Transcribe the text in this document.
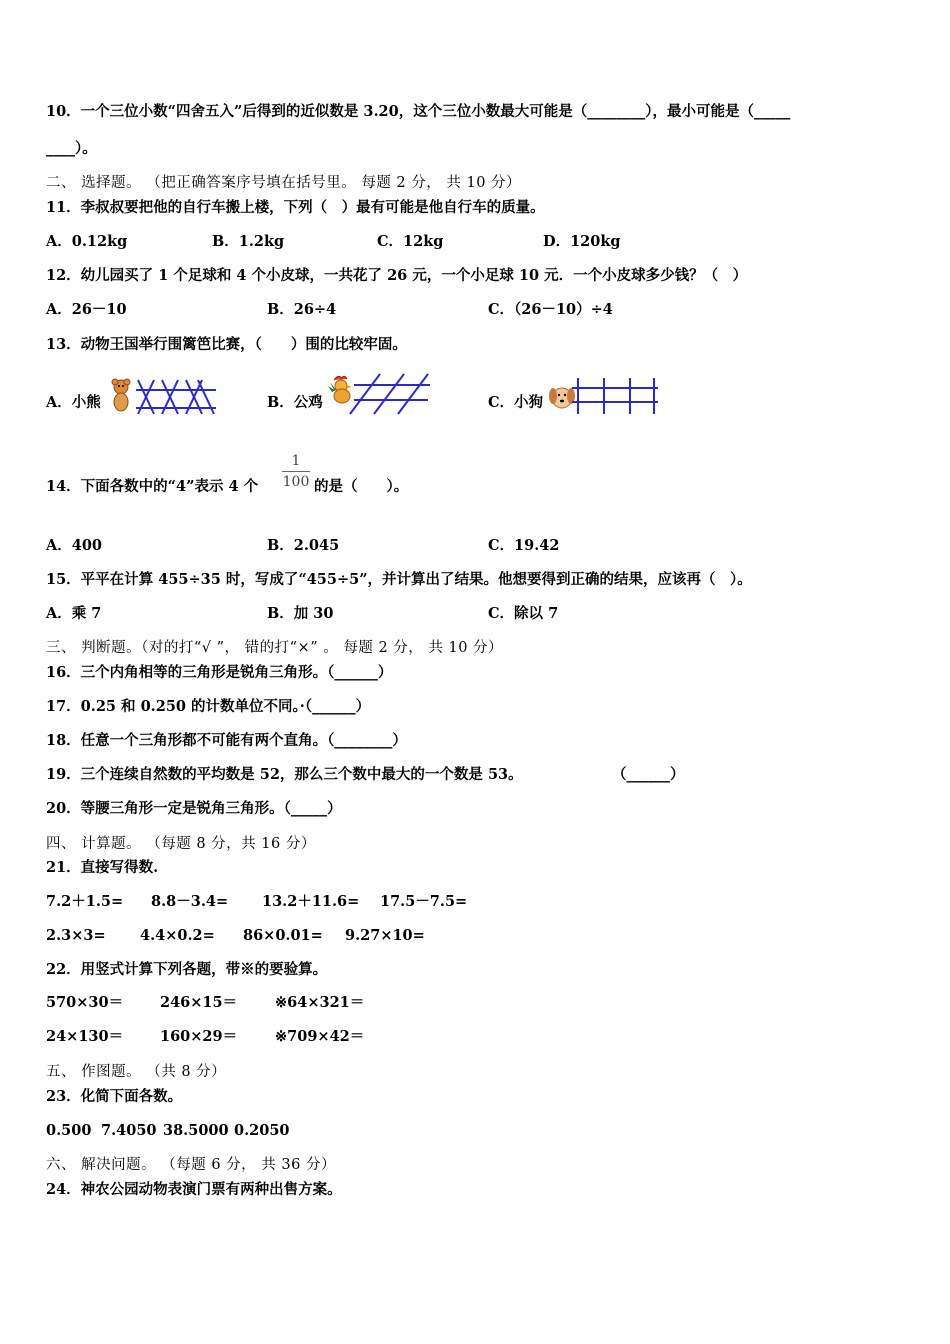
10．一个三位小数“四舍五入”后得到的近似数是 3.20，这个三位小数最大可能是（________），最小可能是（_____
____）。
二、 选择题。 （把正确答案序号填在括号里。 每题 2 分， 共 10 分）
11．李叔叔要把他的自行车搬上楼，下列（　）最有可能是他自行车的质量。
A．0.12kg	B．1.2kg	C．12kg	D．120kg
12．幼儿园买了 1 个足球和 4 个小皮球，一共花了 26 元，一个小足球 10 元．一个小皮球多少钱？（　）
A．26－10	B．26÷4	C．（26－10）÷4
13．动物王国举行围篱笆比赛，（　　）围的比较牢固。
A．小熊	B．公鸡	C．小狗
14．下面各数中的“4”表示 4 个
1
100 的是（　　）。
A．400	B．2.045	C．19.42
15．平平在计算 455÷35 时，写成了“455÷5”，并计算出了结果。他想要得到正确的结果，应该再（　）。
A．乘 7	B．加 30	C．除以 7
三、 判断题。（对的打“√ ”， 错的打“×” 。 每题 2 分， 共 10 分）
16．三个内角相等的三角形是锐角三角形。（______）
17．0.25 和 0.250 的计数单位不同。·（______）
18．任意一个三角形都不可能有两个直角。（________）
19．三个连续自然数的平均数是 52，那么三个数中最大的一个数是 53。	（______）
20．等腰三角形一定是锐角三角形。（_____）
四、 计算题。 （每题 8 分，共 16 分）
21．直接写得数.
7.2＋1.5= 8.8－3.4= 13.2＋11.6= 17.5－7.5=
2.3×3= 4.4×0.2= 86×0.01= 9.27×10=
22．用竖式计算下列各题，带※的要验算。
570×30＝	246×15＝	※64×321＝
24×130＝	160×29＝	※709×42＝
五、 作图题。 （共 8 分）
23．化简下面各数。
0.500 7.4050 38.5000 0.2050
六、 解决问题。 （每题 6 分， 共 36 分）
24．神农公园动物表演门票有两种出售方案。
